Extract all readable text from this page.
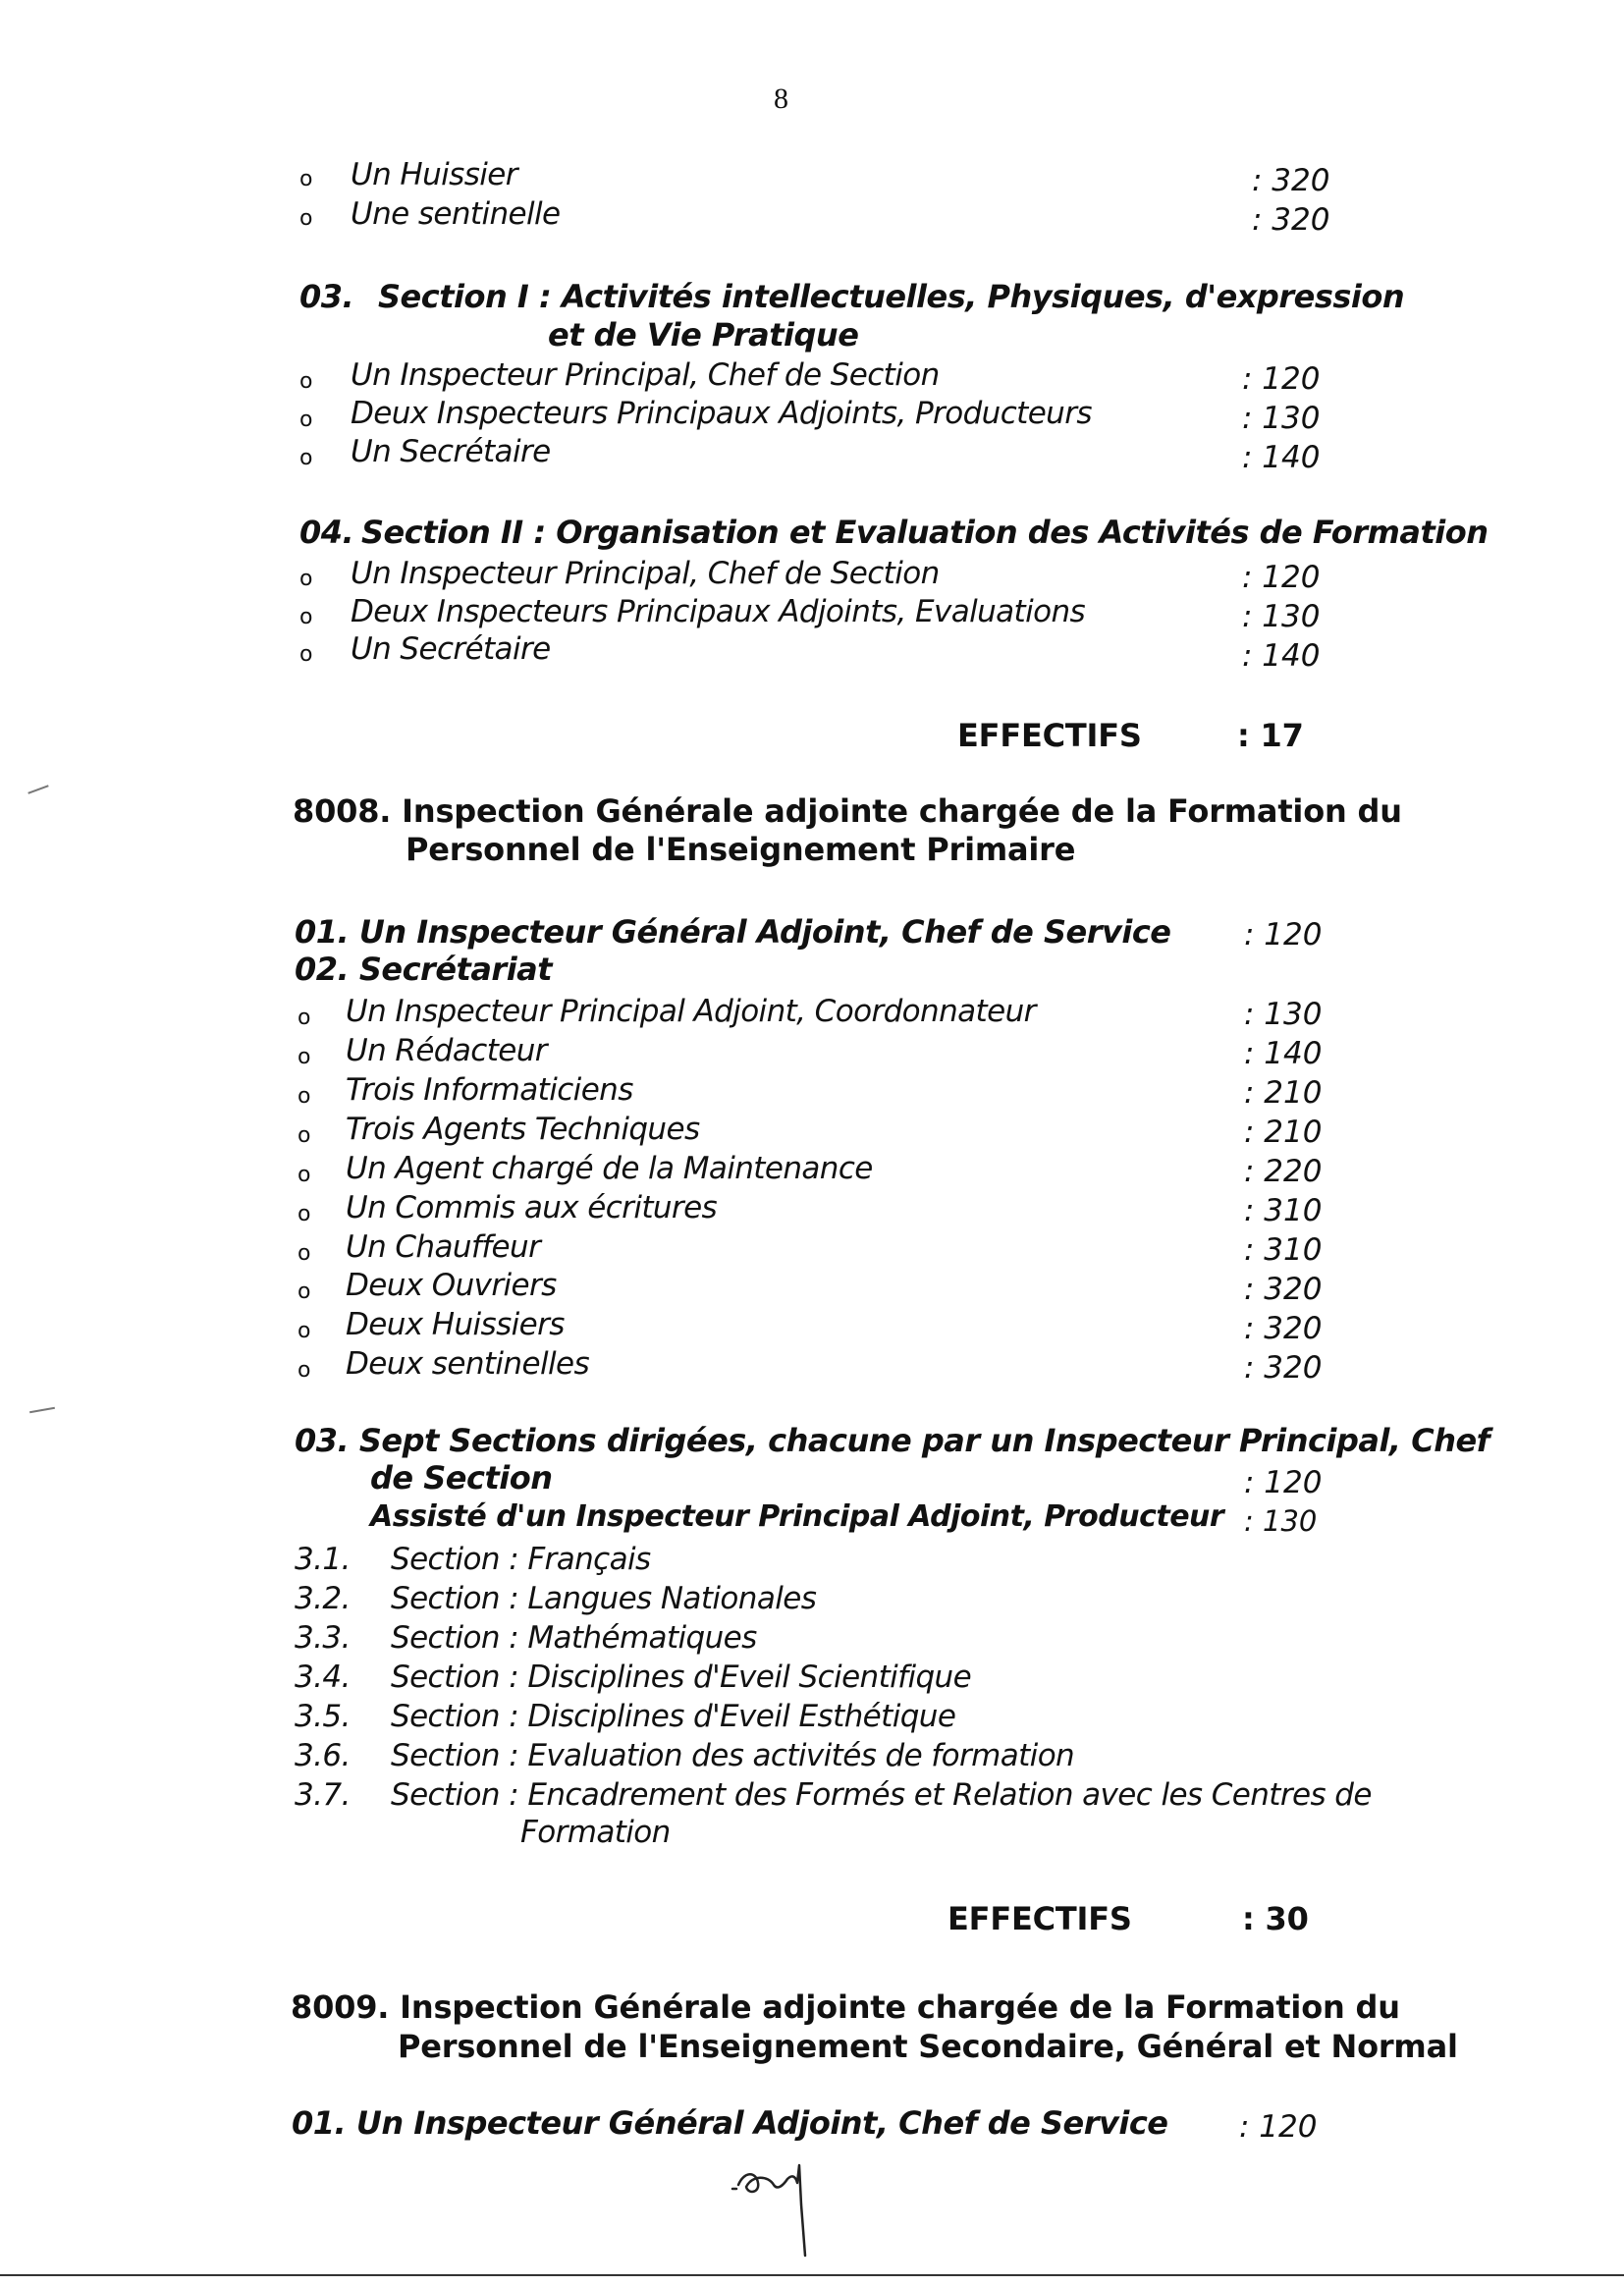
8
o Un Huissier	: 320
o Une sentinelle	: 320
03. Section I : Activités intellectuelles, Physiques, d'expression
et de Vie Pratique
o Un Inspecteur Principal, Chef de Section	: 120
o Deux Inspecteurs Principaux Adjoints, Producteurs	: 130
o Un Secrétaire	: 140
04. Section II : Organisation et Evaluation des Activités de Formation
o Un Inspecteur Principal, Chef de Section	: 120
o Deux Inspecteurs Principaux Adjoints, Evaluations	: 130
o Un Secrétaire	: 140
EFFECTIFS	: 17
8008. Inspection Générale adjointe chargée de la Formation du
Personnel de l'Enseignement Primaire
01. Un Inspecteur Général Adjoint, Chef de Service : 120
02. Secrétariat
o Un Inspecteur Principal Adjoint, Coordonnateur	: 130
o Un Rédacteur	: 140
o Trois Informaticiens	: 210
o Trois Agents Techniques	: 210
o Un Agent chargé de la Maintenance	: 220
o Un Commis aux écritures	: 310
o Un Chauffeur	: 310
o Deux Ouvriers	: 320
o Deux Huissiers	: 320
o Deux sentinelles	: 320
03. Sept Sections dirigées, chacune par un Inspecteur Principal, Chef
de Section	: 120
Assisté d'un Inspecteur Principal Adjoint, Producteur : 130
3.1. Section : Français
3.2. Section : Langues Nationales
3.3. Section : Mathématiques
3.4. Section : Disciplines d'Eveil Scientifique
3.5. Section : Disciplines d'Eveil Esthétique
3.6. Section : Evaluation des activités de formation
3.7. Section : Encadrement des Formés et Relation avec les Centres de
Formation
EFFECTIFS	: 30
8009. Inspection Générale adjointe chargée de la Formation du
Personnel de l'Enseignement Secondaire, Général et Normal
01. Un Inspecteur Général Adjoint, Chef de Service : 120
